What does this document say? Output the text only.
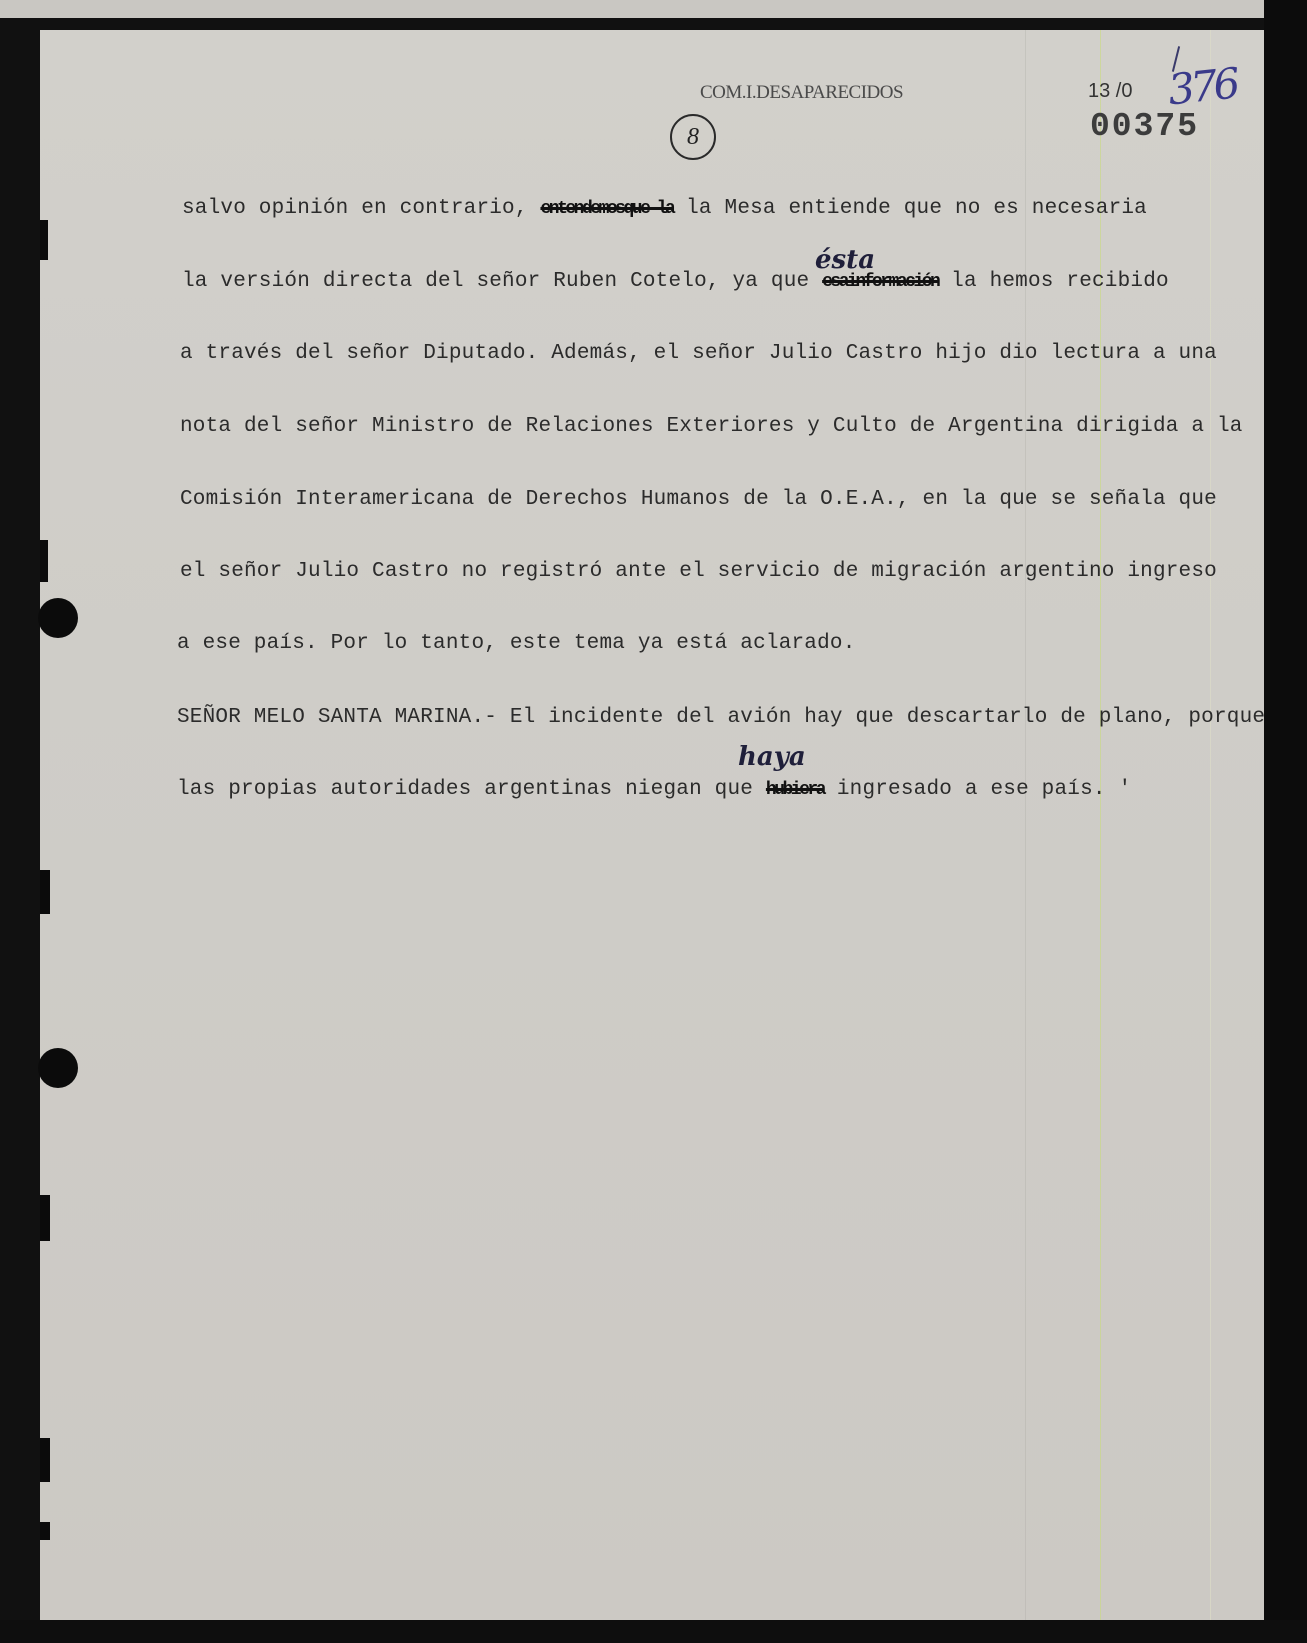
COM.I.DESAPARECIDOS
8
13 /0 376
00375
salvo opinión en contrario, entendemosque la la Mesa entiende que no es necesaria
ésta
la versión directa del señor Ruben Cotelo, ya que esainformación la hemos recibido
a través del señor Diputado. Además, el señor Julio Castro hijo dio lectura a una
nota del señor Ministro de Relaciones Exteriores y Culto de Argentina dirigida a la
Comisión Interamericana de Derechos Humanos de la O.E.A., en la que se señala que
el señor Julio Castro no registró ante el servicio de migración argentino ingreso
a ese país. Por lo tanto, este tema ya está aclarado.
SEÑOR MELO SANTA MARINA.- El incidente del avión hay que descartarlo de plano, porque
haya
las propias autoridades argentinas niegan que hubiera ingresado a ese país. '
